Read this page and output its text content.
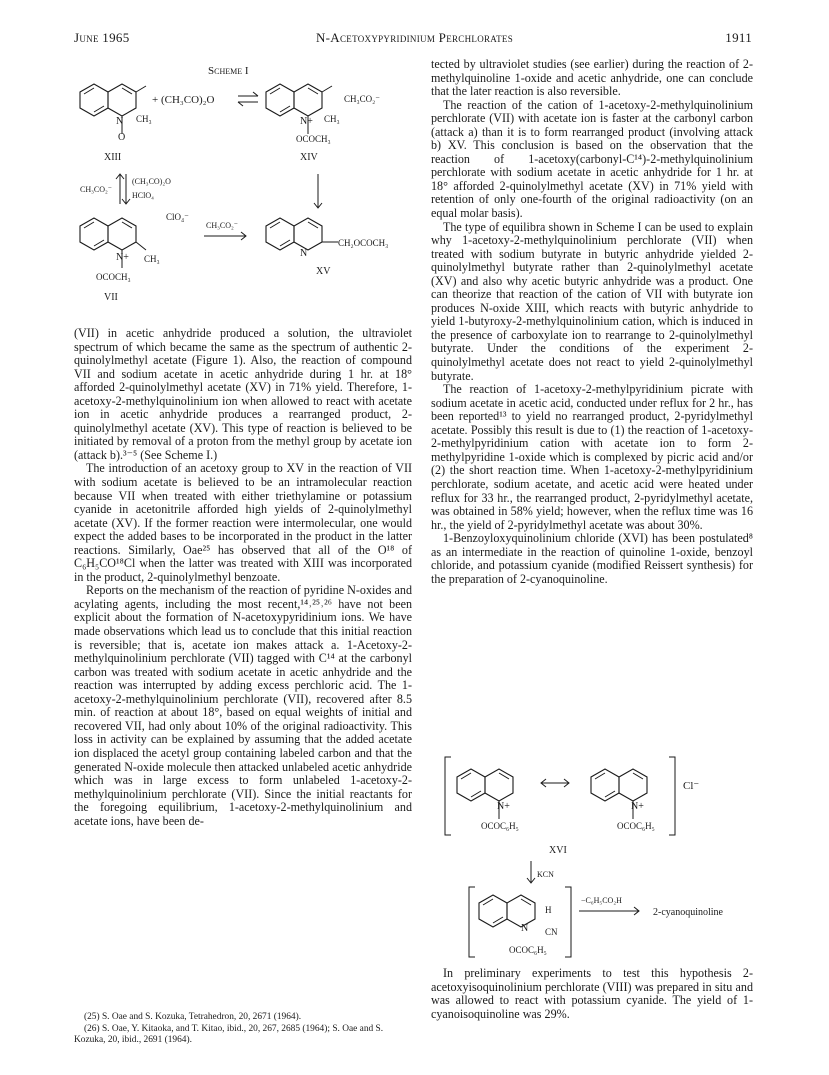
June 1965	N-Acetoxypyridinium Perchlorates	1911
Scheme I
N CH₃
O
XIII
+ (CH₃CO)₂O
N+ CH₃
CH₃CO₂⁻
OCOCH₃
XIV
CH₃CO₂⁻
(CH₃CO)₂O
HClO₄
ClO₄⁻
N+ CH₃
OCOCH₃
VII
CH₃CO₂⁻
N
CH₂OCOCH₃
XV

(VII) in acetic anhydride produced a solution, the ultraviolet spectrum of which became the same as the spectrum of authentic 2-quinolylmethyl acetate (Figure 1). Also, the reaction of compound VII and sodium acetate in acetic anhydride during 1 hr. at 18° afforded 2-quinolylmethyl acetate (XV) in 71% yield. Therefore, 1-acetoxy-2-methylquinolinium ion when allowed to react with acetate ion in acetic anhydride produces a rearranged product, 2-quinolylmethyl acetate (XV). This type of reaction is believed to be initiated by removal of a proton from the methyl group by acetate ion (attack b).³⁻⁵ (See Scheme I.)

The introduction of an acetoxy group to XV in the reaction of VII with sodium acetate is believed to be an intramolecular reaction because VII when treated with either triethylamine or potassium cyanide in acetonitrile afforded high yields of 2-quinolylmethyl acetate (XV). If the former reaction were intermolecular, one would expect the added bases to be incorporated in the product in the latter reactions. Similarly, Oae²⁵ has observed that all of the O¹⁸ of C₆H₅CO¹⁸Cl when the latter was treated with XIII was incorporated in the product, 2-quinolylmethyl benzoate.

Reports on the mechanism of the reaction of pyridine N-oxides and acylating agents, including the most recent,¹⁴˒²⁵˒²⁶ have not been explicit about the formation of N-acetoxypyridinium ions. We have made observations which lead us to conclude that this initial reaction is reversible; that is, acetate ion makes attack a. 1-Acetoxy-2-methylquinolinium perchlorate (VII) tagged with C¹⁴ at the carbonyl carbon was treated with sodium acetate in acetic anhydride and the reaction was interrupted by adding excess perchloric acid. The 1-acetoxy-2-methylquinolinium perchlorate (VII), recovered after 8.5 min. of reaction at about 18°, based on equal weights of initial and recovered VII, had only about 10% of the original radioactivity. This loss in activity can be explained by assuming that the added acetate ion displaced the acetyl group containing labeled carbon and that the generated N-oxide molecule then attacked unlabeled acetic anhydride which was in large excess to form unlabeled 1-acetoxy-2-methylquinolinium perchlorate (VII). Since the initial reactants for the foregoing equilibrium, 1-acetoxy-2-methylquinolinium and acetate ions, have been de-

(25) S. Oae and S. Kozuka, Tetrahedron, 20, 2671 (1964).
(26) S. Oae, Y. Kitaoka, and T. Kitao, ibid., 20, 267, 2685 (1964); S. Oae and S. Kozuka, 20, ibid., 2691 (1964).

tected by ultraviolet studies (see earlier) during the reaction of 2-methylquinoline 1-oxide and acetic anhydride, one can conclude that the later reaction is also reversible.

The reaction of the cation of 1-acetoxy-2-methylquinolinium perchlorate (VII) with acetate ion is faster at the carbonyl carbon (attack a) than it is to form rearranged product (involving attack b) XV. This conclusion is based on the observation that the reaction of 1-acetoxy(carbonyl-C¹⁴)-2-methylquinolinium perchlorate with sodium acetate in acetic anhydride for 1 hr. at 18° afforded 2-quinolylmethyl acetate (XV) in 71% yield with retention of only one-fourth of the original radioactivity (on an equal molar basis).

The type of equilibra shown in Scheme I can be used to explain why 1-acetoxy-2-methylquinolinium perchlorate (VII) when treated with sodium butyrate in butyric anhydride yielded 2-quinolylmethyl butyrate rather than 2-quinolylmethyl acetate (XV) and also why acetic butyric anhydride was a product. One can theorize that reaction of the cation of VII with butyrate ion produces N-oxide XIII, which reacts with butyric anhydride to yield 1-butyroxy-2-methylquinolinium cation, which is induced in the presence of carboxylate ion to rearrange to 2-quinolylmethyl butyrate. Under the conditions of the experiment 2-quinolylmethyl acetate does not react to yield 2-quinolylmethyl butyrate.

The reaction of 1-acetoxy-2-methylpyridinium picrate with sodium acetate in acetic acid, conducted under reflux for 2 hr., has been reported¹³ to yield no rearranged product, 2-pyridylmethyl acetate. Possibly this result is due to (1) the reaction of 1-acetoxy-2-methylpyridinium cation with acetate ion to form 2-methylpyridine 1-oxide which is complexed by picric acid and/or (2) the short reaction time. When 1-acetoxy-2-methylpyridinium perchlorate, sodium acetate, and acetic acid were heated under reflux for 33 hr., the rearranged product, 2-pyridylmethyl acetate, was obtained in 58% yield; however, when the reflux time was 16 hr., the yield of 2-pyridylmethyl acetate was about 30%.

1-Benzoyloxyquinolinium chloride (XVI) has been postulated⁸ as an intermediate in the reaction of quinoline 1-oxide, benzoyl chloride, and potassium cyanide (modified Reissert synthesis) for the preparation of 2-cyanoquinoline.

N+
OCOC₆H₅
N+
OCOC₆H₅
Cl⁻
XVI
KCN
N
H
CN
OCOC₆H₅
−C₆H₅CO₂H
2-cyanoquinoline

In preliminary experiments to test this hypothesis 2-acetoxyisoquinolinium perchlorate (VIII) was prepared in situ and was allowed to react with potassium cyanide. The yield of 1-cyanoisoquinoline was 29%.
